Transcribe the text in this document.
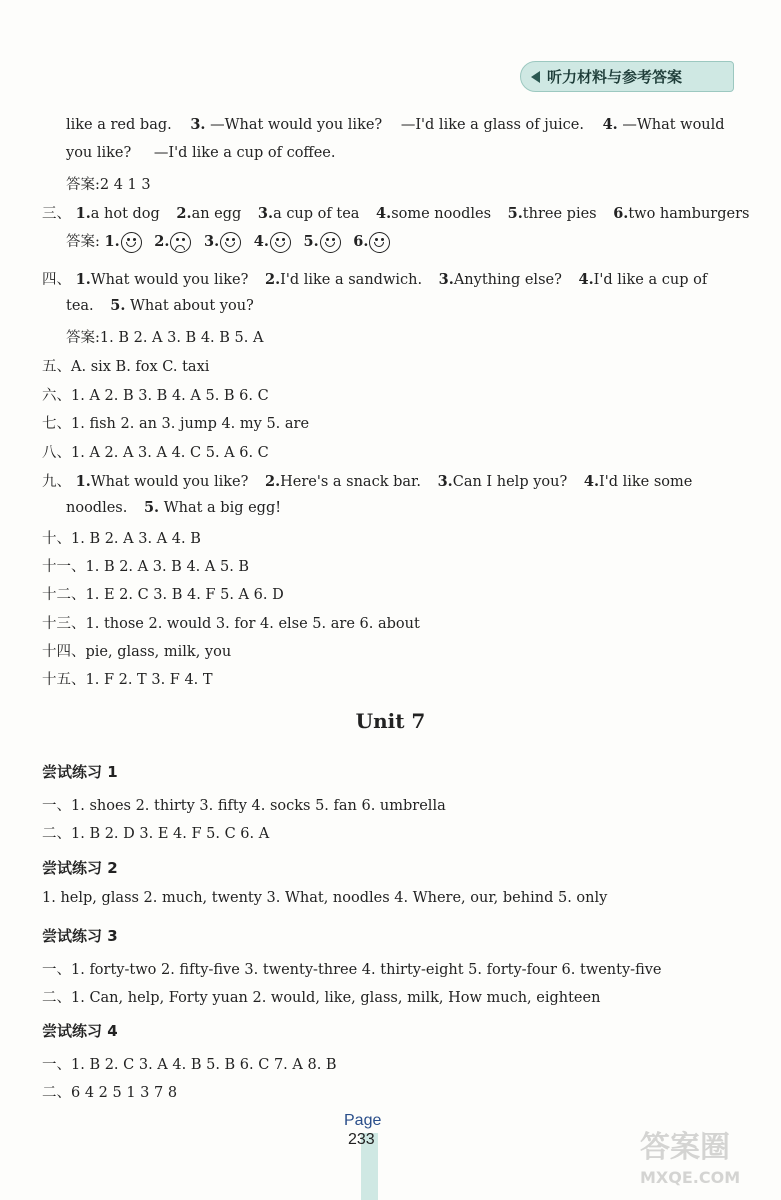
听力材料与参考答案
like a red bag. 3. —What would you like? —I'd like a glass of juice. 4. —What would
you like? —I'd like a cup of coffee.
答案:2 4 1 3
三、 1.a hot dog 2.an egg 3.a cup of tea 4.some noodles 5.three pies 6.two hamburgers
答案: 1. 2. 3. 4. 5. 6.
四、 1.What would you like? 2.I'd like a sandwich. 3.Anything else? 4.I'd like a cup of
tea. 5. What about you?
答案:1. B 2. A 3. B 4. B 5. A
五、A. six B. fox C. taxi
六、1. A 2. B 3. B 4. A 5. B 6. C
七、1. fish 2. an 3. jump 4. my 5. are
八、1. A 2. A 3. A 4. C 5. A 6. C
九、 1.What would you like? 2.Here's a snack bar. 3.Can I help you? 4.I'd like some
noodles. 5. What a big egg!
十、1. B 2. A 3. A 4. B
十一、1. B 2. A 3. B 4. A 5. B
十二、1. E 2. C 3. B 4. F 5. A 6. D
十三、1. those 2. would 3. for 4. else 5. are 6. about
十四、pie, glass, milk, you
十五、1. F 2. T 3. F 4. T
Unit 7
尝试练习 1
一、1. shoes 2. thirty 3. fifty 4. socks 5. fan 6. umbrella
二、1. B 2. D 3. E 4. F 5. C 6. A
尝试练习 2
1. help, glass 2. much, twenty 3. What, noodles 4. Where, our, behind 5. only
尝试练习 3
一、1. forty-two 2. fifty-five 3. twenty-three 4. thirty-eight 5. forty-four 6. twenty-five
二、1. Can, help, Forty yuan 2. would, like, glass, milk, How much, eighteen
尝试练习 4
一、1. B 2. C 3. A 4. B 5. B 6. C 7. A 8. B
二、6 4 2 5 1 3 7 8
Page
233	答案圈
MXQE.COM
